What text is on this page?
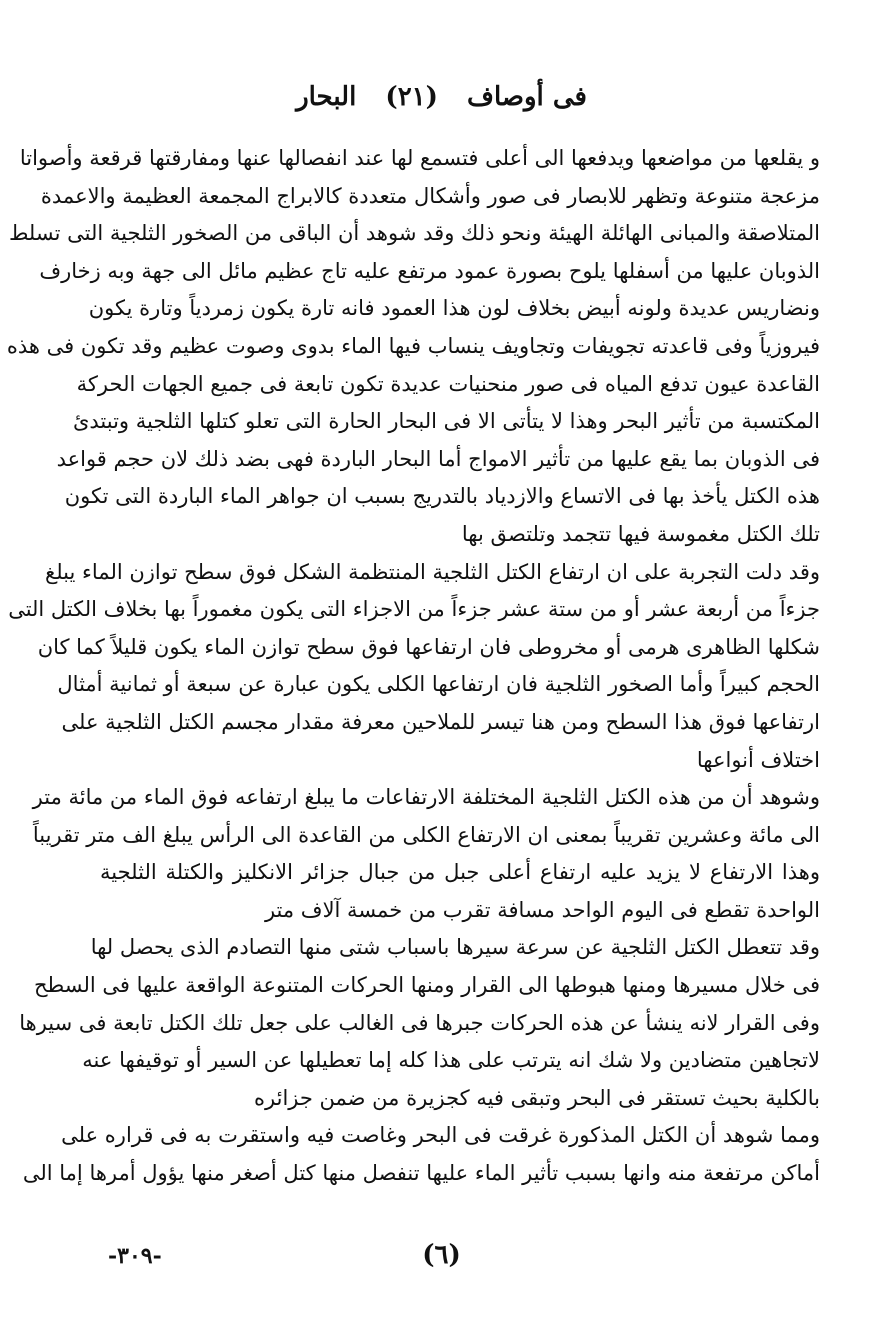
فى أوصاف (٢١) البحار
و يقلعها من مواضعها ويدفعها الى أعلى فتسمع لها عند انفصالها عنها ومفارقتها قرقعة وأصواتا
مزعجة متنوعة وتظهر للابصار فى صور وأشكال متعددة كالابراج المجمعة العظيمة والاعمدة
المتلاصقة والمبانى الهائلة الهيئة ونحو ذلك وقد شوهد أن الباقى من الصخور الثلجية التى تسلط
الذوبان عليها من أسفلها يلوح بصورة عمود مرتفع عليه تاج عظيم مائل الى جهة وبه زخارف
ونضاريس عديدة ولونه أبيض بخلاف لون هذا العمود فانه تارة يكون زمردياً وتارة يكون
فيروزياً وفى قاعدته تجويفات وتجاويف ينساب فيها الماء بدوى وصوت عظيم وقد تكون فى هذه
القاعدة عيون تدفع المياه فى صور منحنيات عديدة تكون تابعة فى جميع الجهات الحركة
المكتسبة من تأثير البحر وهذا لا يتأتى الا فى البحار الحارة التى تعلو كتلها الثلجية وتبتدئ
فى الذوبان بما يقع عليها من تأثير الامواج أما البحار الباردة فهى بضد ذلك لان حجم قواعد
هذه الكتل يأخذ بها فى الاتساع والازدياد بالتدريج بسبب ان جواهر الماء الباردة التى تكون
تلك الكتل مغموسة فيها تتجمد وتلتصق بها
وقد دلت التجربة على ان ارتفاع الكتل الثلجية المنتظمة الشكل فوق سطح توازن الماء يبلغ
جزءاً من أربعة عشر أو من ستة عشر جزءاً من الاجزاء التى يكون مغموراً بها بخلاف الكتل التى
شكلها الظاهرى هرمى أو مخروطى فان ارتفاعها فوق سطح توازن الماء يكون قليلاً كما كان
الحجم كبيراً وأما الصخور الثلجية فان ارتفاعها الكلى يكون عبارة عن سبعة أو ثمانية أمثال
ارتفاعها فوق هذا السطح ومن هنا تيسر للملاحين معرفة مقدار مجسم الكتل الثلجية على
اختلاف أنواعها
وشوهد أن من هذه الكتل الثلجية المختلفة الارتفاعات ما يبلغ ارتفاعه فوق الماء من مائة متر
الى مائة وعشرين تقريباً بمعنى ان الارتفاع الكلى من القاعدة الى الرأس يبلغ الف متر تقريباً
وهذا الارتفاع لا يزيد عليه ارتفاع أعلى جبل من جبال جزائر الانكليز والكتلة الثلجية
الواحدة تقطع فى اليوم الواحد مسافة تقرب من خمسة آلاف متر
وقد تتعطل الكتل الثلجية عن سرعة سيرها باسباب شتى منها التصادم الذى يحصل لها
فى خلال مسيرها ومنها هبوطها الى القرار ومنها الحركات المتنوعة الواقعة عليها فى السطح
وفى القرار لانه ينشأ عن هذه الحركات جبرها فى الغالب على جعل تلك الكتل تابعة فى سيرها
لاتجاهين متضادين ولا شك انه يترتب على هذا كله إما تعطيلها عن السير أو توقيفها عنه
بالكلية بحيث تستقر فى البحر وتبقى فيه كجزيرة من ضمن جزائره
ومما شوهد أن الكتل المذكورة غرقت فى البحر وغاصت فيه واستقرت به فى قراره على
أماكن مرتفعة منه وانها بسبب تأثير الماء عليها تنفصل منها كتل أصغر منها يؤول أمرها إما الى
-٣٠٩-	(٦)
